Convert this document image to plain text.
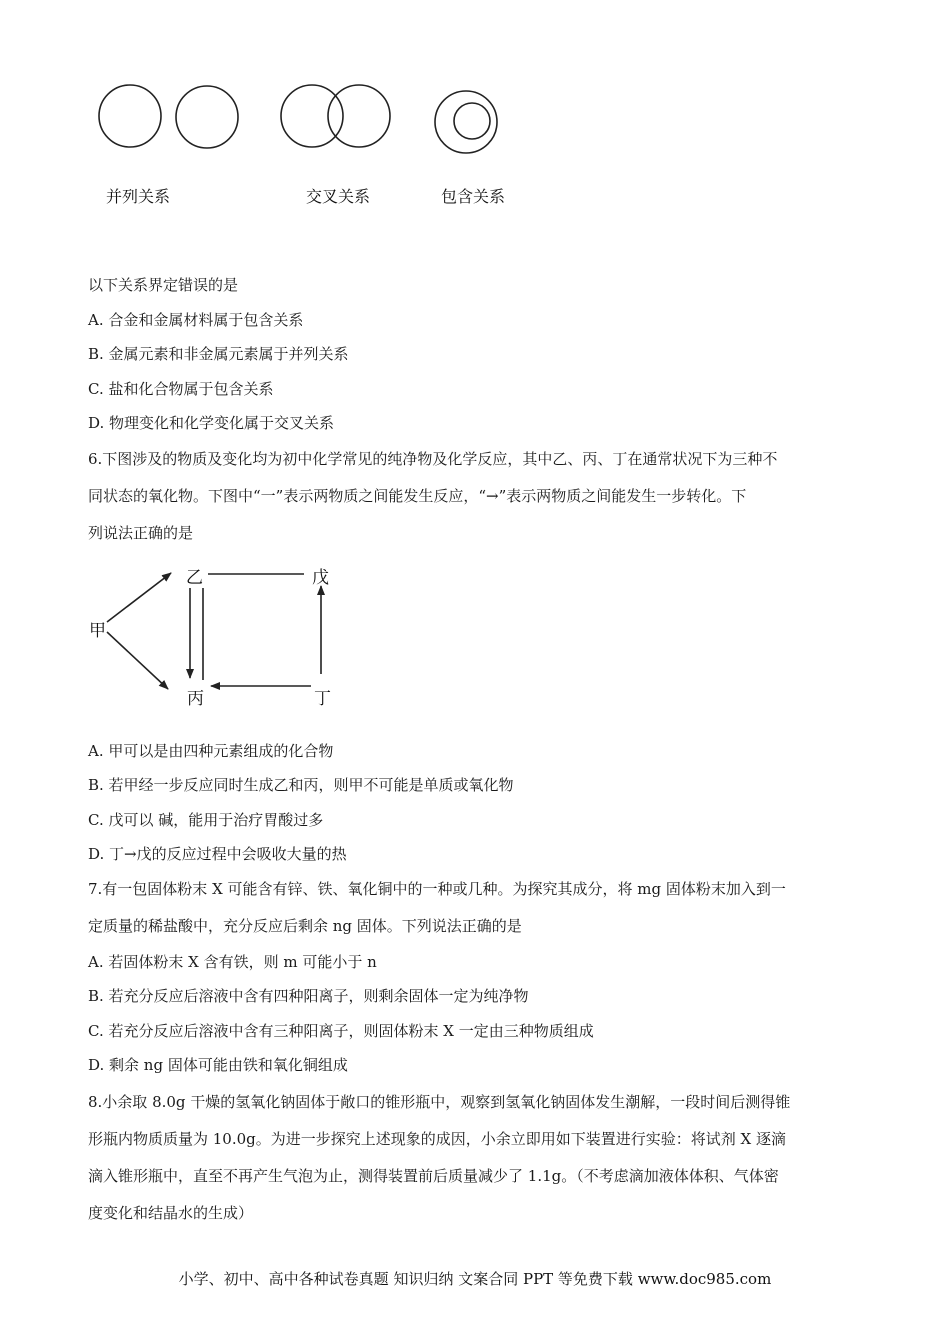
并列关系	交叉关系	包含关系
以下关系界定错误的是
A. 合金和金属材料属于包含关系
B. 金属元素和非金属元素属于并列关系
C. 盐和化合物属于包含关系
D. 物理变化和化学变化属于交叉关系
6.下图涉及的物质及变化均为初中化学常见的纯净物及化学反应，其中乙、丙、丁在通常状况下为三种不
同状态的氧化物。下图中“一”表示两物质之间能发生反应，“→”表示两物质之间能发生一步转化。下
列说法正确的是
甲
乙	戊
丙	丁
A. 甲可以是由四种元素组成的化合物
B. 若甲经一步反应同时生成乙和丙，则甲不可能是单质或氧化物
C. 戊可以 碱，能用于治疗胃酸过多
D. 丁→戊的反应过程中会吸收大量的热
7.有一包固体粉末 X 可能含有锌、铁、氧化铜中的一种或几种。为探究其成分，将 mg 固体粉末加入到一
定质量的稀盐酸中，充分反应后剩余 ng 固体。下列说法正确的是
A. 若固体粉末 X 含有铁，则 m 可能小于 n
B. 若充分反应后溶液中含有四种阳离子，则剩余固体一定为纯净物
C. 若充分反应后溶液中含有三种阳离子，则固体粉末 X 一定由三种物质组成
D. 剩余 ng 固体可能由铁和氧化铜组成
8.小余取 8.0g 干燥的氢氧化钠固体于敞口的锥形瓶中，观察到氢氧化钠固体发生潮解，一段时间后测得锥
形瓶内物质质量为 10.0g。为进一步探究上述现象的成因，小余立即用如下装置进行实验：将试剂 X 逐滴
滴入锥形瓶中，直至不再产生气泡为止，测得装置前后质量减少了 1.1g。（不考虑滴加液体体积、气体密
度变化和结晶水的生成）
小学、初中、高中各种试卷真题 知识归纳 文案合同 PPT 等免费下载 www.doc985.com
